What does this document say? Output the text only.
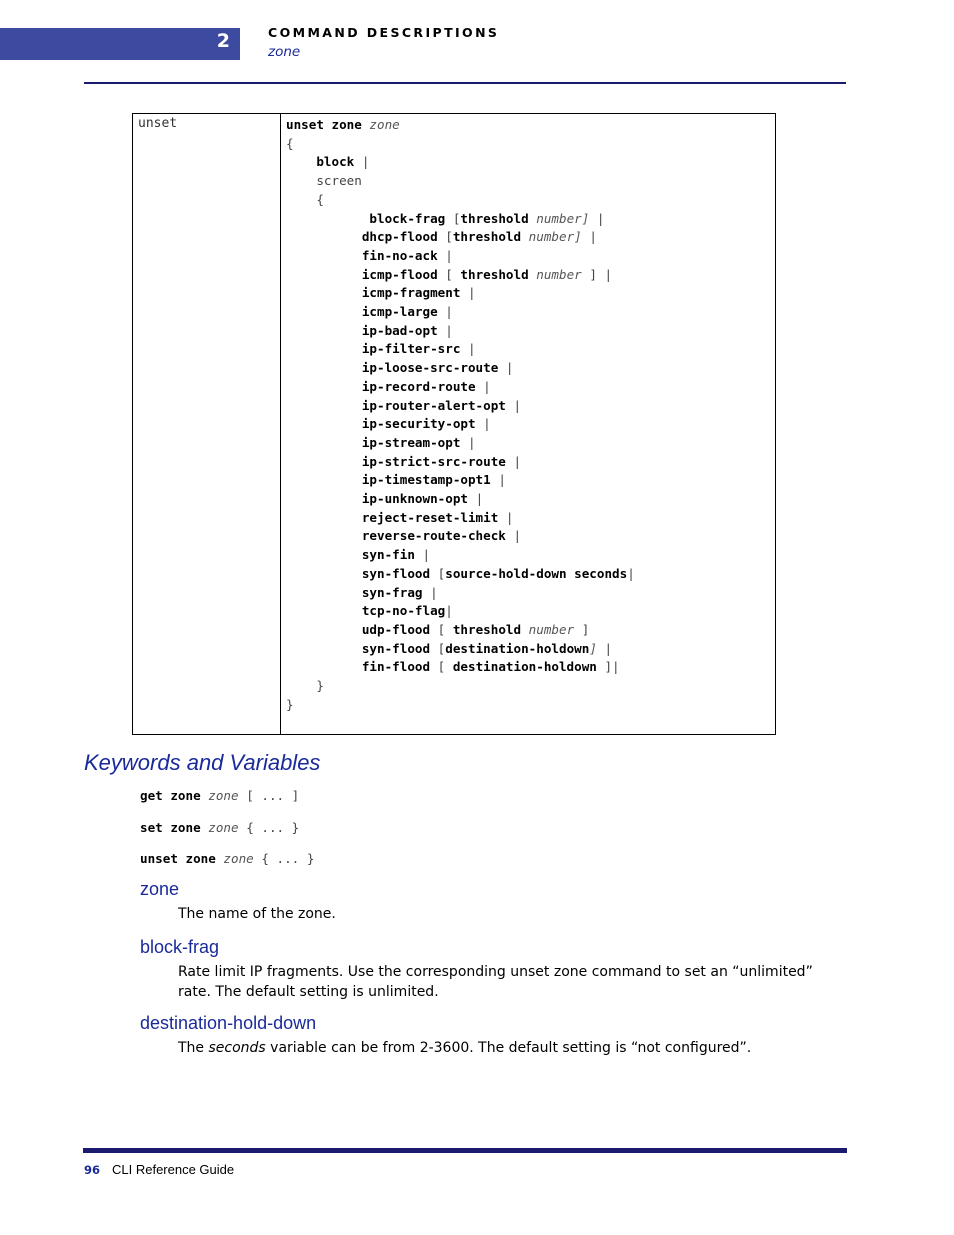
2	COMMAND DESCRIPTIONS
zone
unset	unset zone zone
{
block |
screen
{
block-frag [threshold number] |
dhcp-flood [threshold number] |
fin-no-ack |
icmp-flood [ threshold number ] |
icmp-fragment |
icmp-large |
ip-bad-opt |
ip-filter-src |
ip-loose-src-route |
ip-record-route |
ip-router-alert-opt |
ip-security-opt |
ip-stream-opt |
ip-strict-src-route |
ip-timestamp-opt1 |
ip-unknown-opt |
reject-reset-limit |
reverse-route-check |
syn-fin |
syn-flood [source-hold-down seconds|
syn-frag |
tcp-no-flag|
udp-flood [ threshold number ]
syn-flood [destination-holdown] |
fin-flood [ destination-holdown ]|
}
}
Keywords and Variables
get zone zone [ ... ]
set zone zone { ... }
unset zone zone { ... }
zone
The name of the zone.
block-frag
Rate limit IP fragments. Use the corresponding unset zone command to set an “unlimited” rate. The default setting is unlimited.
destination-hold-down
The seconds variable can be from 2-3600. The default setting is “not configured”.
96 CLI Reference Guide
